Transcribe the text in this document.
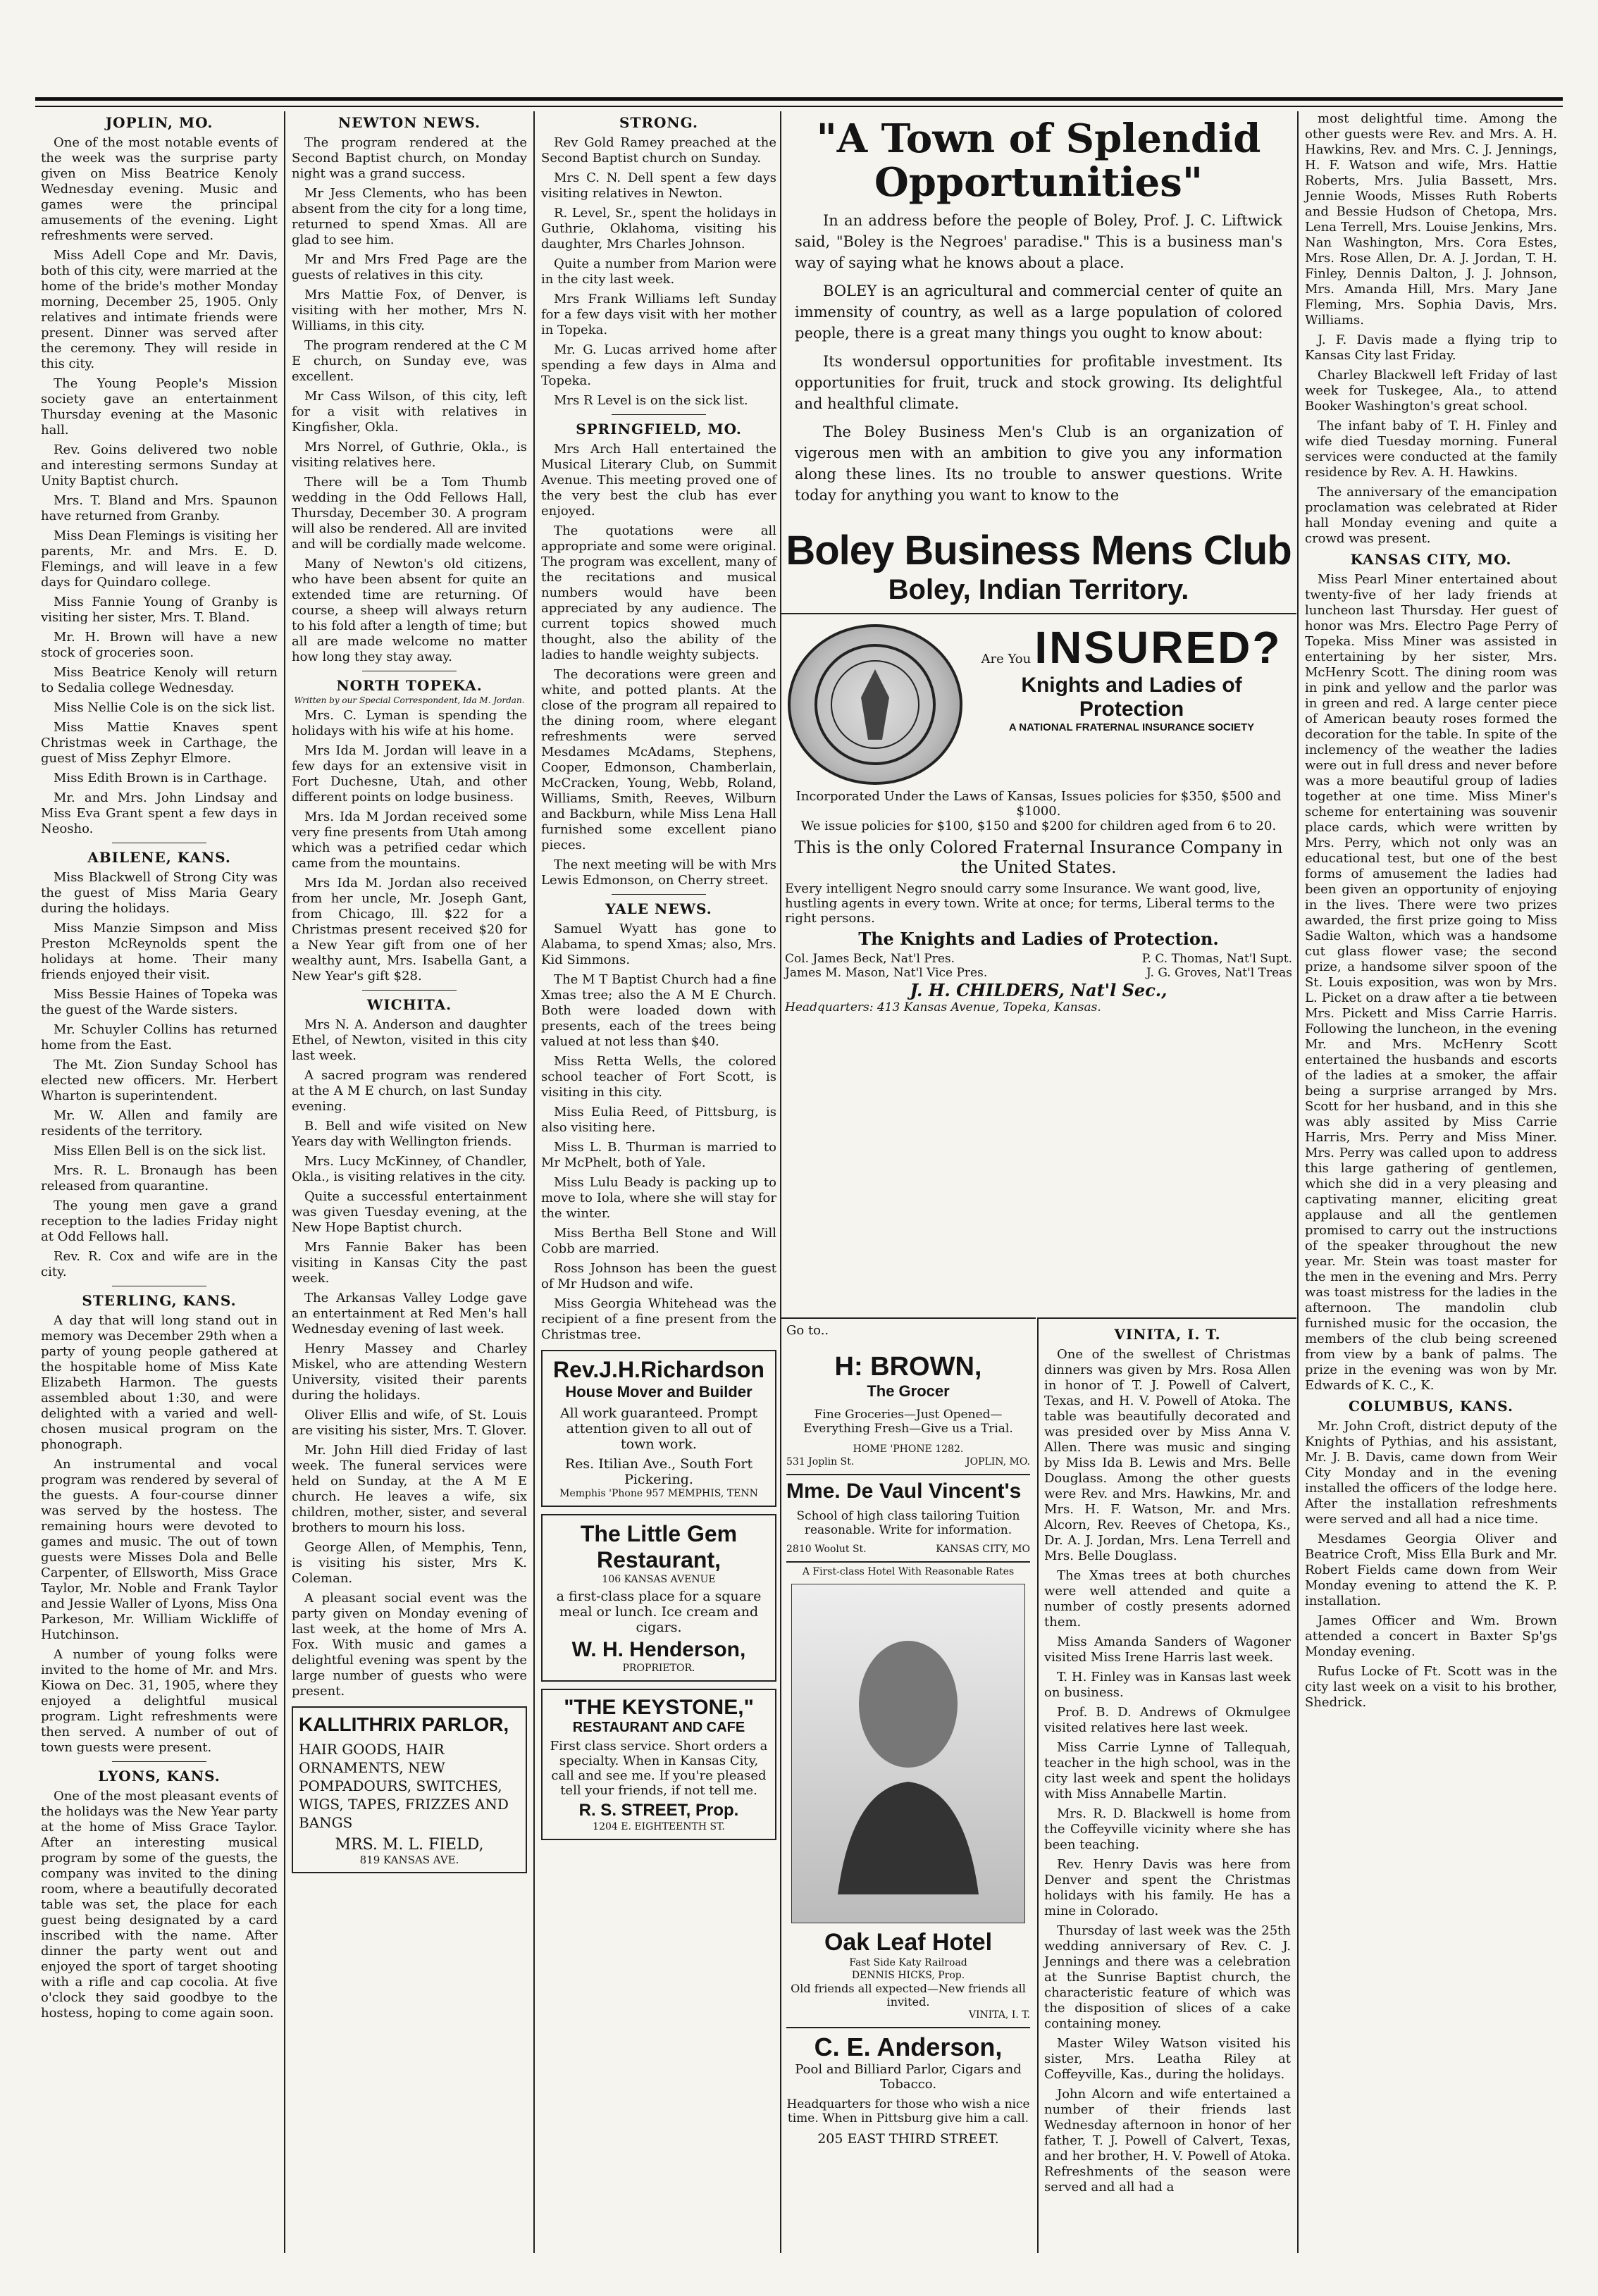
JOPLIN, MO.

One of the most notable events of the week was the surprise party given on Miss Beatrice Kenoly Wednesday evening. Music and games were the principal amusements of the evening. Light refreshments were served.

Miss Adell Cope and Mr. Davis, both of this city, were married at the home of the bride's mother Monday morning, December 25, 1905. Only relatives and intimate friends were present. Dinner was served after the ceremony. They will reside in this city.

The Young People's Mission society gave an entertainment Thursday evening at the Masonic hall.

Rev. Goins delivered two noble and interesting sermons Sunday at Unity Baptist church.

Mrs. T. Bland and Mrs. Spaunon have returned from Granby.

Miss Dean Flemings is visiting her parents, Mr. and Mrs. E. D. Flemings, and will leave in a few days for Quindaro college.

Miss Fannie Young of Granby is visiting her sister, Mrs. T. Bland.

Mr. H. Brown will have a new stock of groceries soon.

Miss Beatrice Kenoly will return to Sedalia college Wednesday.

Miss Nellie Cole is on the sick list.

Miss Mattie Knaves spent Christmas week in Carthage, the guest of Miss Zephyr Elmore.

Miss Edith Brown is in Carthage.

Mr. and Mrs. John Lindsay and Miss Eva Grant spent a few days in Neosho.

ABILENE, KANS.

Miss Blackwell of Strong City was the guest of Miss Maria Geary during the holidays.

Miss Manzie Simpson and Miss Preston McReynolds spent the holidays at home. Their many friends enjoyed their visit.

Miss Bessie Haines of Topeka was the guest of the Warde sisters.

Mr. Schuyler Collins has returned home from the East.

The Mt. Zion Sunday School has elected new officers. Mr. Herbert Wharton is superintendent.

Mr. W. Allen and family are residents of the territory.

Miss Ellen Bell is on the sick list.

Mrs. R. L. Bronaugh has been released from quarantine.

The young men gave a grand reception to the ladies Friday night at Odd Fellows hall.

Rev. R. Cox and wife are in the city.

STERLING, KANS.

A day that will long stand out in memory was December 29th when a party of young people gathered at the hospitable home of Miss Kate Elizabeth Harmon. The guests assembled about 1:30, and were delighted with a varied and well-chosen musical program on the phonograph.

An instrumental and vocal program was rendered by several of the guests. A four-course dinner was served by the hostess. The remaining hours were devoted to games and music. The out of town guests were Misses Dola and Belle Carpenter, of Ellsworth, Miss Grace Taylor, Mr. Noble and Frank Taylor and Jessie Waller of Lyons, Miss Ona Parkeson, Mr. William Wickliffe of Hutchinson.

A number of young folks were invited to the home of Mr. and Mrs. Kiowa on Dec. 31, 1905, where they enjoyed a delightful musical program. Light refreshments were then served. A number of out of town guests were present.

LYONS, KANS.

One of the most pleasant events of the holidays was the New Year party at the home of Miss Grace Taylor. After an interesting musical program by some of the guests, the company was invited to the dining room, where a beautifully decorated table was set, the place for each guest being designated by a card inscribed with the name. After dinner the party went out and enjoyed the sport of target shooting with a rifle and cap cocolia. At five o'clock they said goodbye to the hostess, hoping to come again soon.

NEWTON NEWS.

The program rendered at the Second Baptist church, on Monday night was a grand success.

Mr Jess Clements, who has been absent from the city for a long time, returned to spend Xmas. All are glad to see him.

Mr and Mrs Fred Page are the guests of relatives in this city.

Mrs Mattie Fox, of Denver, is visiting with her mother, Mrs N. Williams, in this city.

The program rendered at the C M E church, on Sunday eve, was excellent.

Mr Cass Wilson, of this city, left for a visit with relatives in Kingfisher, Okla.

Mrs Norrel, of Guthrie, Okla., is visiting relatives here.

There will be a Tom Thumb wedding in the Odd Fellows Hall, Thursday, December 30. A program will also be rendered. All are invited and will be cordially made welcome.

Many of Newton's old citizens, who have been absent for quite an extended time are returning. Of course, a sheep will always return to his fold after a length of time; but all are made welcome no matter how long they stay away.

NORTH TOPEKA.
Written by our Special Correspondent, Ida M. Jordan.

Mrs. C. Lyman is spending the holidays with his wife at his home.

Mrs Ida M. Jordan will leave in a few days for an extensive visit in Fort Duchesne, Utah, and other different points on lodge business.

Mrs. Ida M Jordan received some very fine presents from Utah among which was a petrified cedar which came from the mountains.

Mrs Ida M. Jordan also received from her uncle, Mr. Joseph Gant, from Chicago, Ill. $22 for a Christmas present received $20 for a New Year gift from one of her wealthy aunt, Mrs. Isabella Gant, a New Year's gift $28.

WICHITA.

Mrs N. A. Anderson and daughter Ethel, of Newton, visited in this city last week.

A sacred program was rendered at the A M E church, on last Sunday evening.

B. Bell and wife visited on New Years day with Wellington friends.

Mrs. Lucy McKinney, of Chandler, Okla., is visiting relatives in the city.

Quite a successful entertainment was given Tuesday evening, at the New Hope Baptist church.

Mrs Fannie Baker has been visiting in Kansas City the past week.

The Arkansas Valley Lodge gave an entertainment at Red Men's hall Wednesday evening of last week.

Henry Massey and Charley Miskel, who are attending Western University, visited their parents during the holidays.

Oliver Ellis and wife, of St. Louis are visiting his sister, Mrs. T. Glover.

Mr. John Hill died Friday of last week. The funeral services were held on Sunday, at the A M E church. He leaves a wife, six children, mother, sister, and several brothers to mourn his loss.

George Allen, of Memphis, Tenn, is visiting his sister, Mrs K. Coleman.

A pleasant social event was the party given on Monday evening of last week, at the home of Mrs A. Fox. With music and games a delightful evening was spent by the large number of guests who were present.

KALLITHRIX PARLOR,
HAIR GOODS, HAIR ORNAMENTS, NEW POMPADOURS, SWITCHES, WIGS, TAPES, FRIZZES AND BANGS
MRS. M. L. FIELD,
819 KANSAS AVE.
STRONG.

Rev Gold Ramey preached at the Second Baptist church on Sunday.

Mrs C. N. Dell spent a few days visiting relatives in Newton.

R. Level, Sr., spent the holidays in Guthrie, Oklahoma, visiting his daughter, Mrs Charles Johnson.

Quite a number from Marion were in the city last week.

Mrs Frank Williams left Sunday for a few days visit with her mother in Topeka.

Mr. G. Lucas arrived home after spending a few days in Alma and Topeka.

Mrs R Level is on the sick list.

SPRINGFIELD, MO.

Mrs Arch Hall entertained the Musical Literary Club, on Summit Avenue. This meeting proved one of the very best the club has ever enjoyed.

The quotations were all appropriate and some were original. The program was excellent, many of the recitations and musical numbers would have been appreciated by any audience. The current topics showed much thought, also the ability of the ladies to handle weighty subjects.

The decorations were green and white, and potted plants. At the close of the program all repaired to the dining room, where elegant refreshments were served Mesdames McAdams, Stephens, Cooper, Edmonson, Chamberlain, McCracken, Young, Webb, Roland, Williams, Smith, Reeves, Wilburn and Backburn, while Miss Lena Hall furnished some excellent piano pieces.

The next meeting will be with Mrs Lewis Edmonson, on Cherry street.

YALE NEWS.

Samuel Wyatt has gone to Alabama, to spend Xmas; also, Mrs. Kid Simmons.

The M T Baptist Church had a fine Xmas tree; also the A M E Church. Both were loaded down with presents, each of the trees being valued at not less than $40.

Miss Retta Wells, the colored school teacher of Fort Scott, is visiting in this city.

Miss Eulia Reed, of Pittsburg, is also visiting here.

Miss L. B. Thurman is married to Mr McPhelt, both of Yale.

Miss Lulu Beady is packing up to move to Iola, where she will stay for the winter.

Miss Bertha Bell Stone and Will Cobb are married.

Ross Johnson has been the guest of Mr Hudson and wife.

Miss Georgia Whitehead was the recipient of a fine present from the Christmas tree.

Rev.J.H.Richardson
House Mover and Builder
All work guaranteed. Prompt attention given to all out of town work.
Res. Itilian Ave., South Fort Pickering.
Memphis 'Phone 957 MEMPHIS, TENN
The Little Gem Restaurant,
106 KANSAS AVENUE
a first-class place for a square meal or lunch. Ice cream and cigars.
W. H. Henderson,
PROPRIETOR.
"THE KEYSTONE,"
RESTAURANT AND CAFE
First class service. Short orders a specialty. When in Kansas City, call and see me. If you're pleased tell your friends, if not tell me.
R. S. STREET, Prop.
1204 E. EIGHTEENTH ST.
"A Town of Splendid Opportunities"

In an address before the people of Boley, Prof. J. C. Liftwick said, "Boley is the Negroes' paradise." This is a business man's way of saying what he knows about a place.

BOLEY is an agricultural and commercial center of quite an immensity of country, as well as a large population of colored people, there is a great many things you ought to know about:

Its wondersul opportunities for profitable investment. Its opportunities for fruit, truck and stock growing. Its delightful and healthful climate.

The Boley Business Men's Club is an organization of vigerous men with an ambition to give you any information along these lines. Its no trouble to answer questions. Write today for anything you want to know to the

Boley Business Mens Club
Boley, Indian Territory.
Are You INSURED?
Knights and Ladies of Protection
A NATIONAL FRATERNAL INSURANCE SOCIETY
Incorporated Under the Laws of Kansas, Issues policies for $350, $500 and $1000.
We issue policies for $100, $150 and $200 for children aged from 6 to 20.
This is the only Colored Fraternal Insurance Company in the United States.
Every intelligent Negro snould carry some Insurance. We want good, live, hustling agents in every town. Write at once; for terms, Liberal terms to the right persons.
The Knights and Ladies of Protection.
Col. James Beck, Nat'l Pres.	P. C. Thomas, Nat'l Supt.
James M. Mason, Nat'l Vice Pres.	J. G. Groves, Nat'l Treas
J. H. CHILDERS, Nat'l Sec.,
Headquarters: 413 Kansas Avenue, Topeka, Kansas.
Go to..
H: BROWN,
The Grocer
Fine Groceries—Just Opened—Everything Fresh—Give us a Trial.
HOME 'PHONE 1282.
531 Joplin St.	JOPLIN, MO.
Mme. De Vaul Vincent's
School of high class tailoring Tuition reasonable. Write for information.
2810 Woolut St.	KANSAS CITY, MO
A First-class Hotel With Reasonable Rates
Oak Leaf Hotel
Fast Side Katy Railroad
DENNIS HICKS, Prop.
Old friends all expected—New friends all invited.
VINITA, I. T.
C. E. Anderson,
Pool and Billiard Parlor, Cigars and Tobacco.
Headquarters for those who wish a nice time. When in Pittsburg give him a call.
205 EAST THIRD STREET.
VINITA, I. T.

One of the swellest of Christmas dinners was given by Mrs. Rosa Allen in honor of T. J. Powell of Calvert, Texas, and H. V. Powell of Atoka. The table was beautifully decorated and was presided over by Miss Anna V. Allen. There was music and singing by Miss Ida B. Lewis and Mrs. Belle Douglass. Among the other guests were Rev. and Mrs. Hawkins, Mr. and Mrs. H. F. Watson, Mr. and Mrs. Alcorn, Rev. Reeves of Chetopa, Ks., Dr. A. J. Jordan, Mrs. Lena Terrell and Mrs. Belle Douglass.

The Xmas trees at both churches were well attended and quite a number of costly presents adorned them.

Miss Amanda Sanders of Wagoner visited Miss Irene Harris last week.

T. H. Finley was in Kansas last week on business.

Prof. B. D. Andrews of Okmulgee visited relatives here last week.

Miss Carrie Lynne of Tallequah, teacher in the high school, was in the city last week and spent the holidays with Miss Annabelle Martin.

Mrs. R. D. Blackwell is home from the Coffeyville vicinity where she has been teaching.

Rev. Henry Davis was here from Denver and spent the Christmas holidays with his family. He has a mine in Colorado.

Thursday of last week was the 25th wedding anniversary of Rev. C. J. Jennings and there was a celebration at the Sunrise Baptist church, the characteristic feature of which was the disposition of slices of a cake containing money.

Master Wiley Watson visited his sister, Mrs. Leatha Riley at Coffeyville, Kas., during the holidays.

John Alcorn and wife entertained a number of their friends last Wednesday afternoon in honor of her father, T. J. Powell of Calvert, Texas, and her brother, H. V. Powell of Atoka. Refreshments of the season were served and all had a

most delightful time. Among the other guests were Rev. and Mrs. A. H. Hawkins, Rev. and Mrs. C. J. Jennings, H. F. Watson and wife, Mrs. Hattie Roberts, Mrs. Julia Bassett, Mrs. Jennie Woods, Misses Ruth Roberts and Bessie Hudson of Chetopa, Mrs. Lena Terrell, Mrs. Louise Jenkins, Mrs. Nan Washington, Mrs. Cora Estes, Mrs. Rose Allen, Dr. A. J. Jordan, T. H. Finley, Dennis Dalton, J. J. Johnson, Mrs. Amanda Hill, Mrs. Mary Jane Fleming, Mrs. Sophia Davis, Mrs. Williams.

J. F. Davis made a flying trip to Kansas City last Friday.

Charley Blackwell left Friday of last week for Tuskegee, Ala., to attend Booker Washington's great school.

The infant baby of T. H. Finley and wife died Tuesday morning. Funeral services were conducted at the family residence by Rev. A. H. Hawkins.

The anniversary of the emancipation proclamation was celebrated at Rider hall Monday evening and quite a crowd was present.

KANSAS CITY, MO.

Miss Pearl Miner entertained about twenty-five of her lady friends at luncheon last Thursday. Her guest of honor was Mrs. Electro Page Perry of Topeka. Miss Miner was assisted in entertaining by her sister, Mrs. McHenry Scott. The dining room was in pink and yellow and the parlor was in green and red. A large center piece of American beauty roses formed the decoration for the table. In spite of the inclemency of the weather the ladies were out in full dress and never before was a more beautiful group of ladies together at one time. Miss Miner's scheme for entertaining was souvenir place cards, which were written by Mrs. Perry, which not only was an educational test, but one of the best forms of amusement the ladies had been given an opportunity of enjoying in the lives. There were two prizes awarded, the first prize going to Miss Sadie Walton, which was a handsome cut glass flower vase; the second prize, a handsome silver spoon of the St. Louis exposition, was won by Mrs. L. Picket on a draw after a tie between Mrs. Pickett and Miss Carrie Harris. Following the luncheon, in the evening Mr. and Mrs. McHenry Scott entertained the husbands and escorts of the ladies at a smoker, the affair being a surprise arranged by Mrs. Scott for her husband, and in this she was ably assited by Miss Carrie Harris, Mrs. Perry and Miss Miner. Mrs. Perry was called upon to address this large gathering of gentlemen, which she did in a very pleasing and captivating manner, eliciting great applause and all the gentlemen promised to carry out the instructions of the speaker throughout the new year. Mr. Stein was toast master for the men in the evening and Mrs. Perry was toast mistress for the ladies in the afternoon. The mandolin club furnished music for the occasion, the members of the club being screened from view by a bank of palms. The prize in the evening was won by Mr. Edwards of K. C., K.

COLUMBUS, KANS.

Mr. John Croft, district deputy of the Knights of Pythias, and his assistant, Mr. J. B. Davis, came down from Weir City Monday and in the evening installed the officers of the lodge here. After the installation refreshments were served and all had a nice time.

Mesdames Georgia Oliver and Beatrice Croft, Miss Ella Burk and Mr. Robert Fields came down from Weir Monday evening to attend the K. P. installation.

James Officer and Wm. Brown attended a concert in Baxter Sp'gs Monday evening.

Rufus Locke of Ft. Scott was in the city last week on a visit to his brother, Shedrick.
